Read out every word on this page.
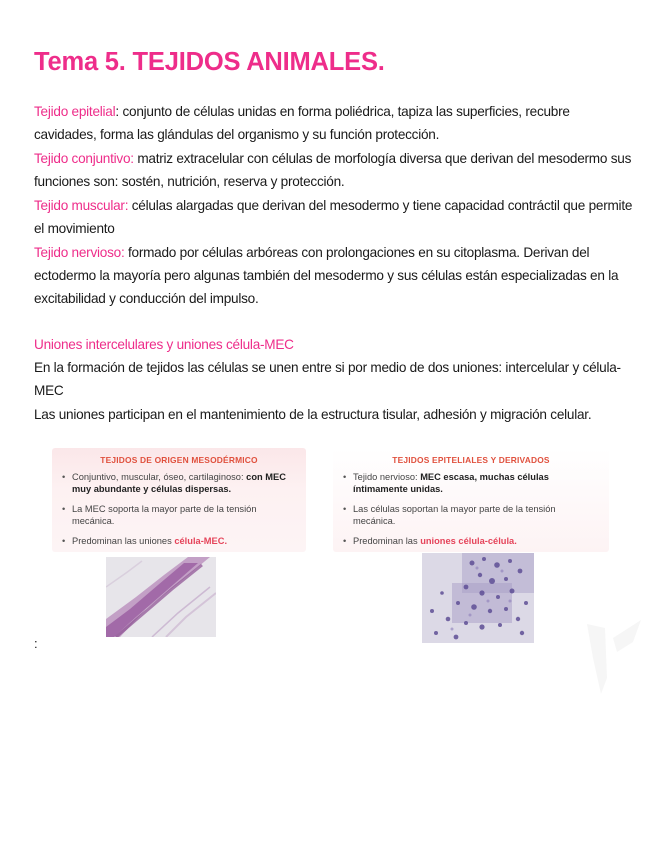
Tema 5. TEJIDOS ANIMALES.

Tejido epitelial: conjunto de células unidas en forma poliédrica, tapiza las superficies, recubre cavidades, forma las glándulas del organismo y su función protección.

Tejido conjuntivo: matriz extracelular con células de morfología diversa que derivan del mesodermo sus funciones son: sostén, nutrición, reserva y protección.

Tejido muscular: células alargadas que derivan del mesodermo y tiene capacidad contráctil que permite el movimiento

Tejido nervioso: formado por células arbóreas con prolongaciones en su citoplasma. Derivan del ectodermo la mayoría pero algunas también del mesodermo y sus células están especializadas en la excitabilidad y conducción del impulso.

Uniones intercelulares y uniones célula-MEC

En la formación de tejidos las células se unen entre si por medio de dos uniones: intercelular y célula-MEC

Las uniones participan en el mantenimiento de la estructura tisular, adhesión y migración celular.

TEJIDOS DE ORIGEN MESODÉRMICO
• Conjuntivo, muscular, óseo, cartilaginoso: con MEC muy abundante y células dispersas.
• La MEC soporta la mayor parte de la tensión mecánica.
• Predominan las uniones célula-MEC.
TEJIDOS EPITELIALES Y DERIVADOS
• Tejido nervioso: MEC escasa, muchas células íntimamente unidas.
• Las células soportan la mayor parte de la tensión mecánica.
• Predominan las uniones célula-célula.
:
